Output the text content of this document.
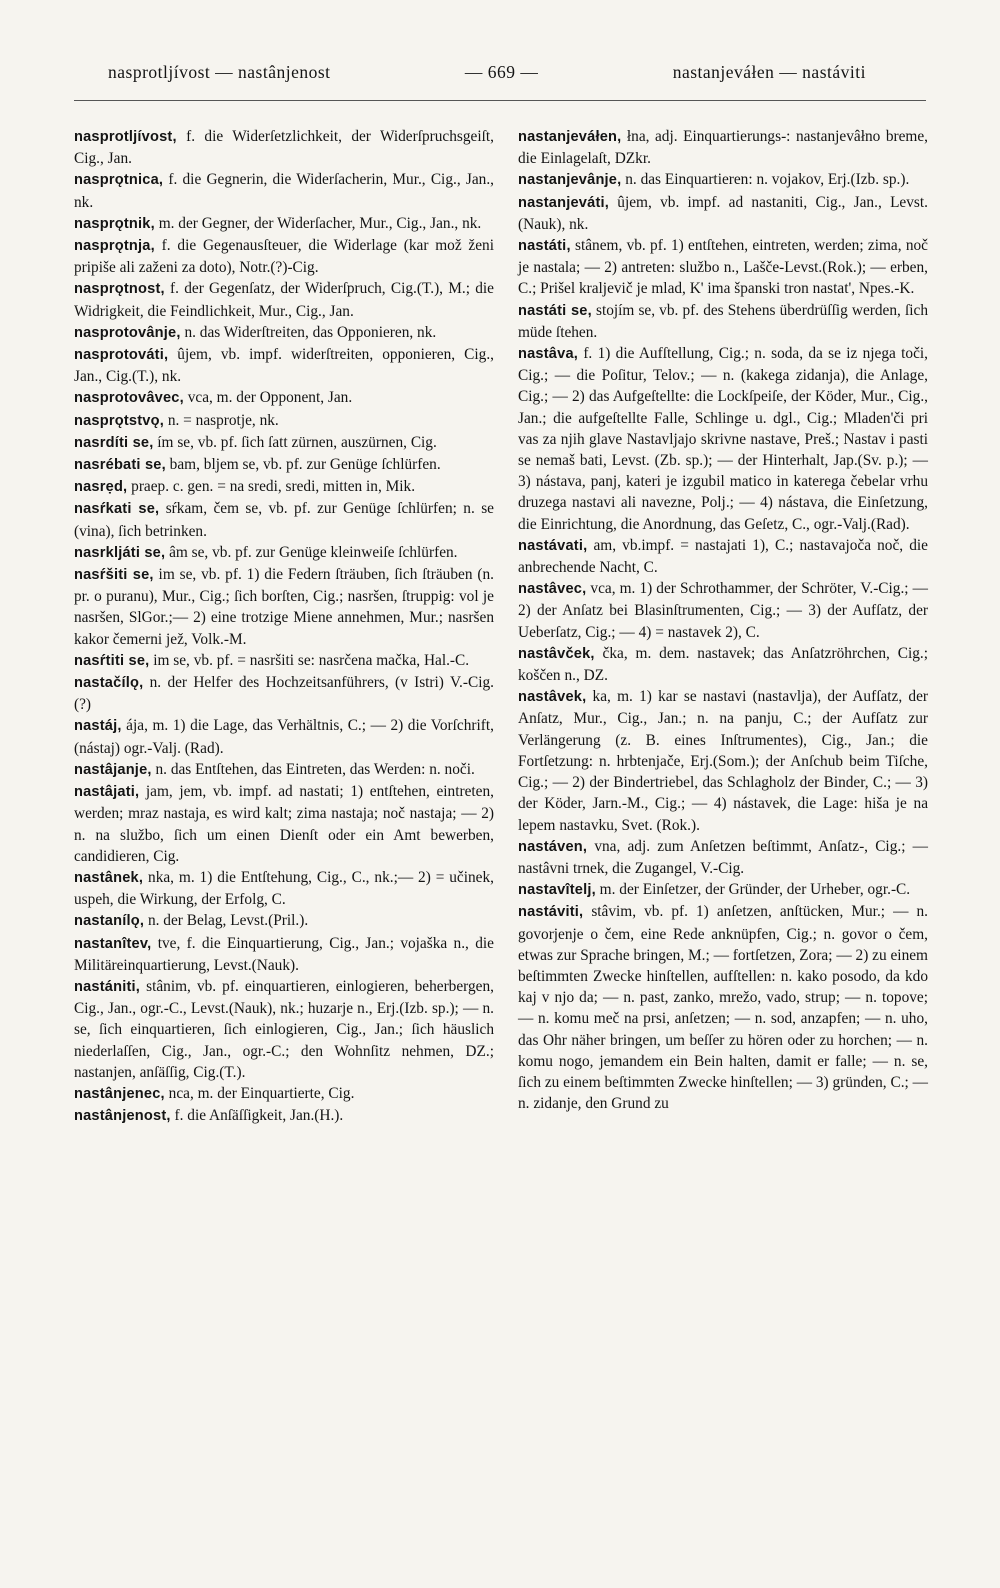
nasprotljívost — nastânjenost	— 669 —	nastanjeváłen — nastáviti
nasprotljívost, f. die Widerſetzlichkeit, der Widerſpruchsgeiſt, Cig., Jan.
nasprǫtnica, f. die Gegnerin, die Widerſacherin, Mur., Cig., Jan., nk.
nasprǫtnik, m. der Gegner, der Widerſacher, Mur., Cig., Jan., nk.
nasprǫtnja, f. die Gegenausſteuer, die Widerlage (kar mož ženi pripiše ali zaženi za doto), Notr.(?)-Cig.
nasprǫtnost, f. der Gegenſatz, der Widerſpruch, Cig.(T.), M.; die Widrigkeit, die Feindlichkeit, Mur., Cig., Jan.
nasprotovânje, n. das Widerſtreiten, das Opponieren, nk.
nasprotováti, ûjem, vb. impf. widerſtreiten, opponieren, Cig., Jan., Cig.(T.), nk.
nasprotovâvec, vca, m. der Opponent, Jan.
nasprǫtstvǫ, n. = nasprotje, nk.
nasrdíti se, ím se, vb. pf. ſich ſatt zürnen, auszürnen, Cig.
nasrébati se, bam, bljem se, vb. pf. zur Genüge ſchlürfen.
nasrẹd, praep. c. gen. = na sredi, sredi, mitten in, Mik.
nasŕkati se, sŕkam, čem se, vb. pf. zur Genüge ſchlürfen; n. se (vina), ſich betrinken.
nasrkljáti se, âm se, vb. pf. zur Genüge kleinweiſe ſchlürfen.
nasŕšiti se, im se, vb. pf. 1) die Federn ſträuben, ſich ſträuben (n. pr. o puranu), Mur., Cig.; ſich borſten, Cig.; nasršen, ſtruppig: vol je nasršen, SlGor.;— 2) eine trotzige Miene annehmen, Mur.; nasršen kakor čemerni jež, Volk.-M.
nasŕtiti se, im se, vb. pf. = nasršiti se: nasrčena mačka, Hal.-C.
nastačílǫ, n. der Helfer des Hochzeitsanführers, (v Istri) V.-Cig. (?)
nastáj, ája, m. 1) die Lage, das Verhältnis, C.; — 2) die Vorſchrift, (nástaj) ogr.-Valj. (Rad).
nastâjanje, n. das Entſtehen, das Eintreten, das Werden: n. noči.
nastâjati, jam, jem, vb. impf. ad nastati; 1) entſtehen, eintreten, werden; mraz nastaja, es wird kalt; zima nastaja; noč nastaja; — 2) n. na službo, ſich um einen Dienſt oder ein Amt bewerben, candidieren, Cig.
nastânek, nka, m. 1) die Entſtehung, Cig., C., nk.;— 2) = učinek, uspeh, die Wirkung, der Erfolg, C.
nastanílǫ, n. der Belag, Levst.(Pril.).
nastanîtev, tve, f. die Einquartierung, Cig., Jan.; vojaška n., die Militäreinquartierung, Levst.(Nauk).
nastániti, stânim, vb. pf. einquartieren, einlogieren, beherbergen, Cig., Jan., ogr.-C., Levst.(Nauk), nk.; huzarje n., Erj.(Izb. sp.); — n. se, ſich einquartieren, ſich einlogieren, Cig., Jan.; ſich häuslich niederlaſſen, Cig., Jan., ogr.-C.; den Wohnſitz nehmen, DZ.; nastanjen, anſäſſig, Cig.(T.).
nastânjenec, nca, m. der Einquartierte, Cig.
nastânjenost, f. die Anſäſſigkeit, Jan.(H.).
nastanjeváłen, łna, adj. Einquartierungs-: nastanjevâłno breme, die Einlagelaſt, DZkr.
nastanjevânje, n. das Einquartieren: n. vojakov, Erj.(Izb. sp.).
nastanjeváti, ûjem, vb. impf. ad nastaniti, Cig., Jan., Levst.(Nauk), nk.
nastáti, stânem, vb. pf. 1) entſtehen, eintreten, werden; zima, noč je nastala; — 2) antreten: službo n., Lašče-Levst.(Rok.); — erben, C.; Prišel kraljevič je mlad, K' ima španski tron nastat', Npes.-K.
nastáti se, stojím se, vb. pf. des Stehens überdrüſſig werden, ſich müde ſtehen.
nastâva, f. 1) die Aufſtellung, Cig.; n. soda, da se iz njega toči, Cig.; — die Poſitur, Telov.; — n. (kakega zidanja), die Anlage, Cig.; — 2) das Aufgeſtellte: die Lockſpeiſe, der Köder, Mur., Cig., Jan.; die aufgeſtellte Falle, Schlinge u. dgl., Cig.; Mladen'či pri vas za njih glave Nastavljajo skrivne nastave, Preš.; Nastav i pasti se nemaš bati, Levst. (Zb. sp.); — der Hinterhalt, Jap.(Sv. p.); — 3) nástava, panj, kateri je izgubil matico in katerega čebelar vrhu druzega nastavi ali navezne, Polj.; — 4) nástava, die Einſetzung, die Einrichtung, die Anordnung, das Geſetz, C., ogr.-Valj.(Rad).
nastávati, am, vb.impf. = nastajati 1), C.; nastavajoča noč, die anbrechende Nacht, C.
nastâvec, vca, m. 1) der Schrothammer, der Schröter, V.-Cig.; — 2) der Anſatz bei Blasinſtrumenten, Cig.; — 3) der Aufſatz, der Ueberſatz, Cig.; — 4) = nastavek 2), C.
nastâvček, čka, m. dem. nastavek; das Anſatzröhrchen, Cig.; koščen n., DZ.
nastâvek, ka, m. 1) kar se nastavi (nastavlja), der Aufſatz, der Anſatz, Mur., Cig., Jan.; n. na panju, C.; der Aufſatz zur Verlängerung (z. B. eines Inſtrumentes), Cig., Jan.; die Fortſetzung: n. hrbtenjače, Erj.(Som.); der Anſchub beim Tiſche, Cig.; — 2) der Bindertriebel, das Schlagholz der Binder, C.; — 3) der Köder, Jarn.-M., Cig.; — 4) nástavek, die Lage: hiša je na lepem nastavku, Svet. (Rok.).
nastáven, vna, adj. zum Anſetzen beſtimmt, Anſatz-, Cig.; — nastâvni trnek, die Zugangel, V.-Cig.
nastavîtelj, m. der Einſetzer, der Gründer, der Urheber, ogr.-C.
nastáviti, stâvim, vb. pf. 1) anſetzen, anſtücken, Mur.; — n. govorjenje o čem, eine Rede anknüpfen, Cig.; n. govor o čem, etwas zur Sprache bringen, M.; — fortſetzen, Zora; — 2) zu einem beſtimmten Zwecke hinſtellen, aufſtellen: n. kako posodo, da kdo kaj v njo da; — n. past, zanko, mrežo, vado, strup; — n. topove; — n. komu meč na prsi, anſetzen; — n. sod, anzapfen; — n. uho, das Ohr näher bringen, um beſſer zu hören oder zu horchen; — n. komu nogo, jemandem ein Bein halten, damit er falle; — n. se, ſich zu einem beſtimmten Zwecke hinſtellen; — 3) gründen, C.; — n. zidanje, den Grund zu
